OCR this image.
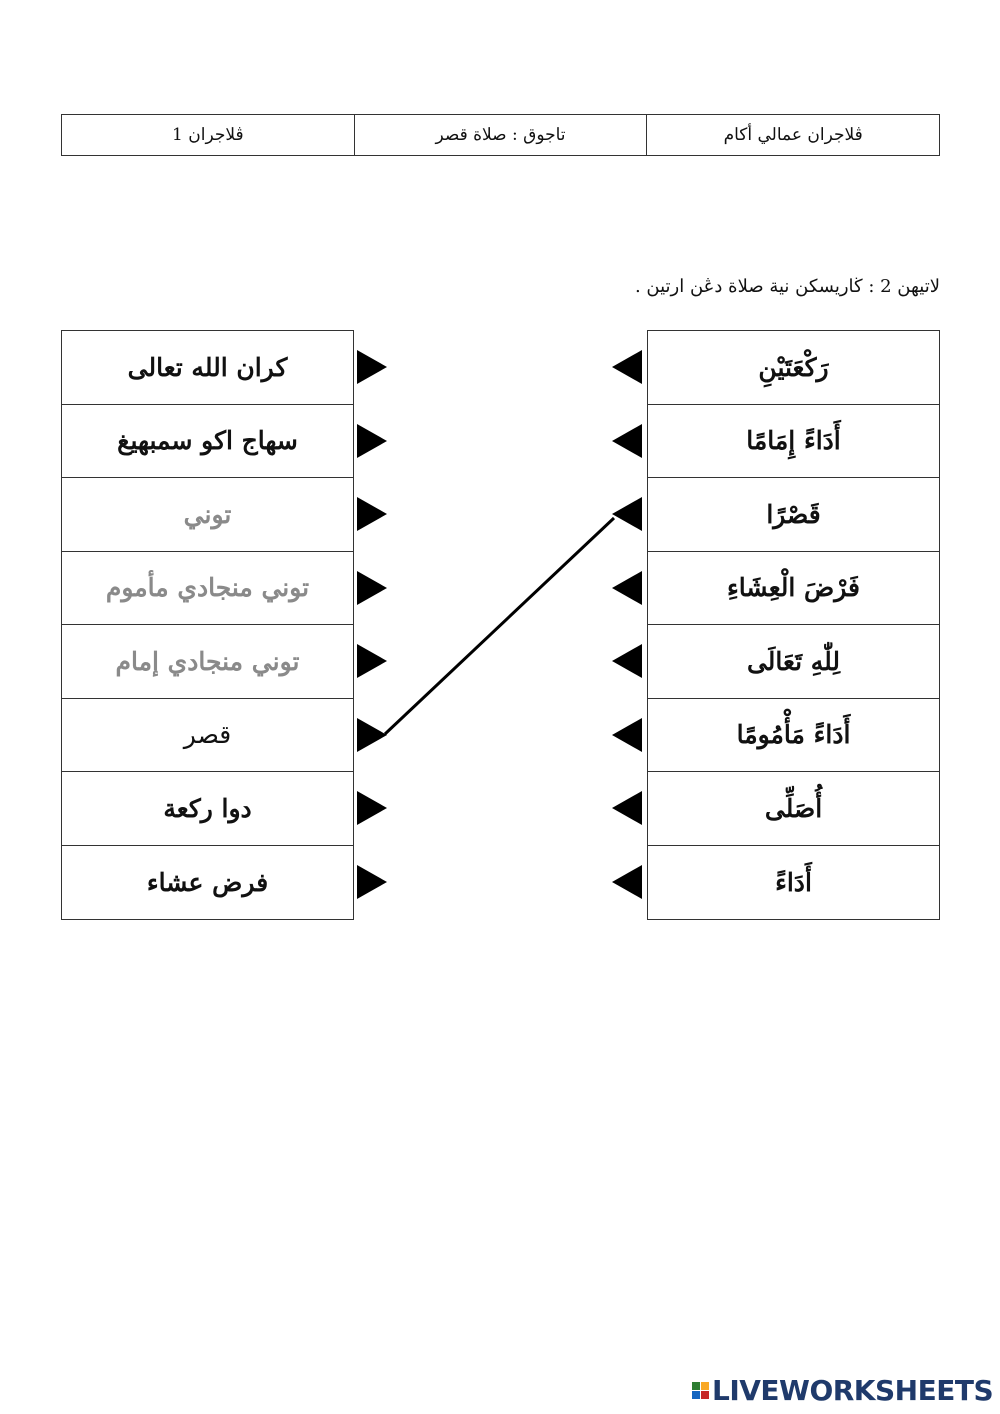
ڤلاجران 1	تاجوق : صلاة قصر	ڤلاجران عمالي أكام
لاتيهن 2 : ڬاريسکن نية صلاة دڠن ارتين .
كران الله تعالى
سهاج اكو سمبهيغ
توني
توني منجادي مأموم
توني منجادي إمام
قصر
دوا ركعة
فرض عشاء
رَكْعَتَيْنِ
أَدَاءً إِمَامًا
قَصْرًا
فَرْضَ الْعِشَاءِ
لِلّٰهِ تَعَالَى
أَدَاءً مَأْمُومًا
أُصَلِّى
أَدَاءً
LIVEWORKSHEETS
